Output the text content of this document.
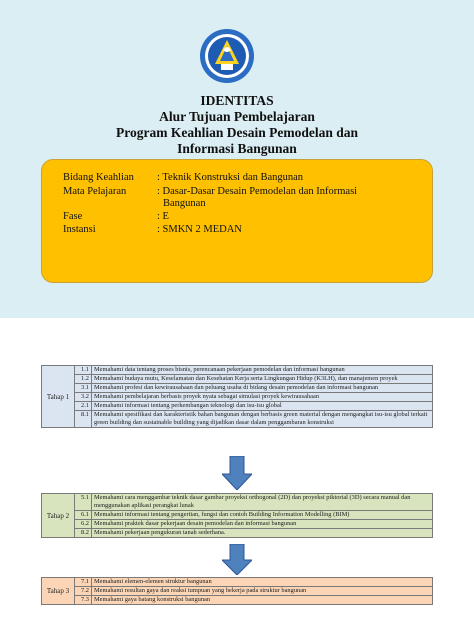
IDENTITAS
Alur Tujuan Pembelajaran
Program Keahlian Desain Pemodelan dan
Informasi Bangunan
Bidang Keahlian	: Teknik Konstruksi dan Bangunan
Mata Pelajaran	: Dasar-Dasar Desain Pemodelan dan Informasi
Bangunan
Fase	: E
Instansi	: SMKN 2 MEDAN
Tahap 1	1.1	Memahami data tentang proses bisnis, perencanaan pekerjaan pemodelan dan informasi bangunan
	1.2	Memahami budaya mutu, Keselamatan dan Kesehatan Kerja serta Lingkungan Hidup (K3LH), dan manajemen proyek
	3.1	Memahami profesi dan kewirausahaan dan peluang usaha di bidang desain pemodelan dan informasi bangunan
	3.2	Memahami pembelajaran berbasis proyek nyata sebagai simulasi proyek kewirausahaan
	2.1	Memahami informasi tentang perkembangan teknologi dan isu-isu global
	8.1	Memahami spesifikasi dan karakteristik bahan bangunan dengan berbasis green material dengan mengangkat isu-isu global terkait green building dan sustainable building yang dijadikan dasar dalam penggambaran konstruksi
Tahap 2	5.1	Memahami cara menggambar teknik dasar gambar proyeksi orthogonal (2D) dan proyeksi piktorial (3D) secara manual dan menggunakan aplikasi perangkat lunak
	6.1	Memahami informasi tentang pengertian, fungsi dan contoh Building Information Modelling (BIM)
	6.2	Memahami praktek dasar pekerjaan desain pemodelan dan informasi bangunan
	8.2	Memahami pekerjaan pengukuran tanah sederhana.
Tahap 3	7.1	Memahami elemen-elemen struktur bangunan
	7.2	Memahami resultan gaya dan reaksi tumpuan yang bekerja pada struktur bangunan
	7.3	Memahami gaya batang konstruksi bangunan
